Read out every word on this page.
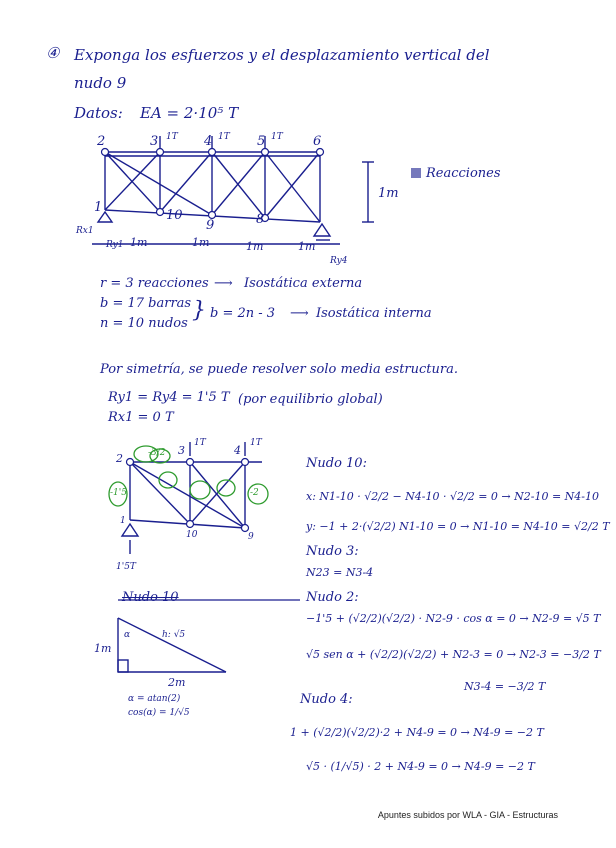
④ Exponga los esfuerzos y el desplazamiento vertical del
nudo 9
Datos: EA = 2·10⁵ T
2	3	4	5	6
1T	1T	1T
1
10
9	8
1m
1m	1m	1m	1m
Rx1
Ry1
Ry4
Reacciones
r = 3 reacciones ⟶ Isostática externa
b = 17 barras
n = 10 nudos
} b = 2n - 3 ⟶ Isostática interna
Por simetría, se puede resolver solo media estructura.
Ry1 = Ry4 = 1'5 T (por equilibrio global)
Rx1 = 0 T
2
3	4
1T	1T
1
10	9
-3/2
-1'5	-2
1'5T
Nudo 10:
x: N1-10 · √2/2 − N4-10 · √2/2 = 0 → N2-10 = N4-10
y: −1 + 2·(√2/2) N1-10 = 0 → N1-10 = N4-10 = √2/2 T
Nudo 3:
N23 = N3-4
Nudo 10	Nudo 2:
−1'5 + (√2/2)(√2/2) · N2-9 · cos α = 0 → N2-9 = √5 T
√5 sen α + (√2/2)(√2/2) + N2-3 = 0 → N2-3 = −3/2 T
N3-4 = −3/2 T
1m
α	h: √5
2m
α = atan(2)
cos(α) = 1/√5
Nudo 4:
1 + (√2/2)(√2/2)·2 + N4-9 = 0 → N4-9 = −2 T
√5 · (1/√5) · 2 + N4-9 = 0 → N4-9 = −2 T
Apuntes subidos por WLA - GIA - Estructuras
